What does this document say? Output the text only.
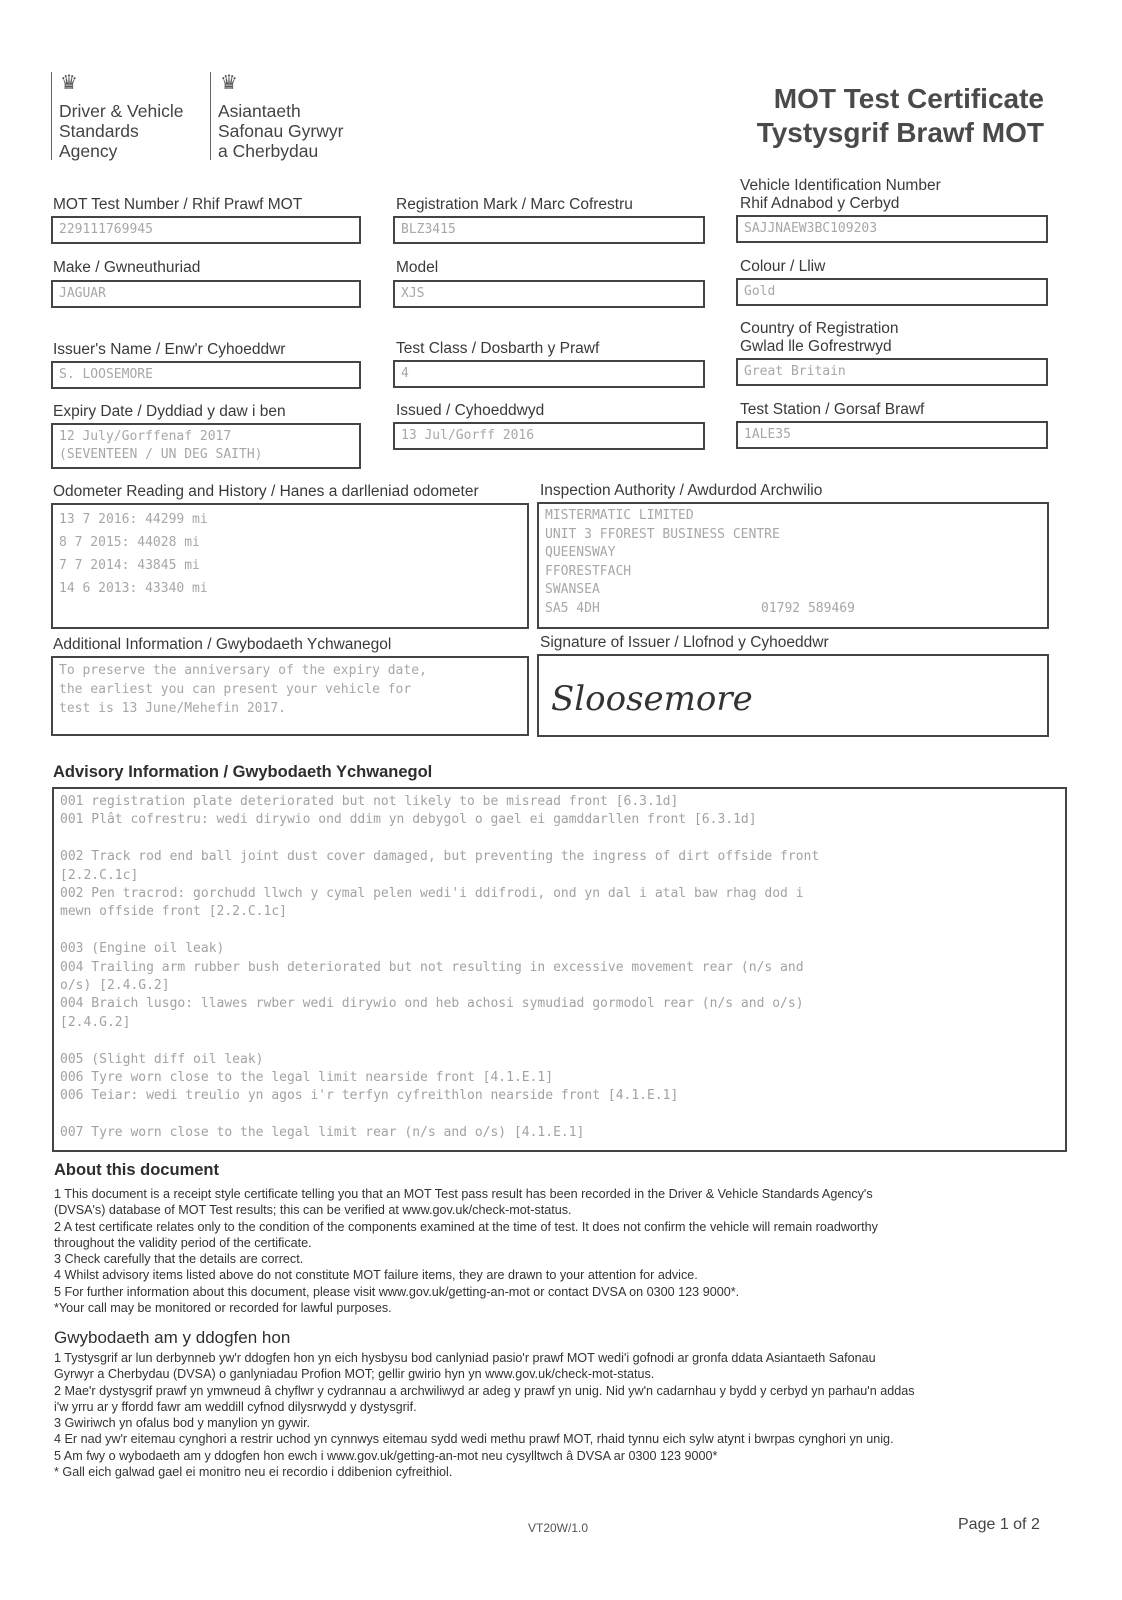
♛
Driver & Vehicle
Standards
Agency
♛
Asiantaeth
Safonau Gyrwyr
a Cherbydau
MOT Test Certificate
Tystysgrif Brawf MOT
MOT Test Number / Rhif Prawf MOT
229111769945
Registration Mark / Marc Cofrestru
BLZ3415
Vehicle Identification Number
Rhif Adnabod y Cerbyd
SAJJNAEW3BC109203
Make / Gwneuthuriad
JAGUAR
Model
XJS
Colour / Lliw
Gold
Issuer's Name / Enw'r Cyhoeddwr
S. LOOSEMORE
Test Class / Dosbarth y Prawf
4
Country of Registration
Gwlad lle Gofrestrwyd
Great Britain
Expiry Date / Dyddiad y daw i ben
12 July/Gorffenaf 2017
(SEVENTEEN / UN DEG SAITH)
Issued / Cyhoeddwyd
13 Jul/Gorff 2016
Test Station / Gorsaf Brawf
1ALE35
Odometer Reading and History / Hanes a darlleniad odometer
13 7 2016: 44299 mi
8 7 2015: 44028 mi
7 7 2014: 43845 mi
14 6 2013: 43340 mi
Inspection Authority / Awdurdod Archwilio
MISTERMATIC LIMITED
UNIT 3 FFOREST BUSINESS CENTRE
QUEENSWAY
FFORESTFACH
SWANSEA
SA5 4DH	01792 589469
Additional Information / Gwybodaeth Ychwanegol
To preserve the anniversary of the expiry date,
the earliest you can present your vehicle for
test is 13 June/Mehefin 2017.
Signature of Issuer / Llofnod y Cyhoeddwr

Sloosemore

Advisory Information / Gwybodaeth Ychwanegol
001 registration plate deteriorated but not likely to be misread front [6.3.1d]
001 Plât cofrestru: wedi dirywio ond ddim yn debygol o gael ei gamddarllen front [6.3.1d]
002 Track rod end ball joint dust cover damaged, but preventing the ingress of dirt offside front
[2.2.C.1c]
002 Pen tracrod: gorchudd llwch y cymal pelen wedi'i ddifrodi, ond yn dal i atal baw rhag dod i
mewn offside front [2.2.C.1c]
003 (Engine oil leak)
004 Trailing arm rubber bush deteriorated but not resulting in excessive movement rear (n/s and
o/s) [2.4.G.2]
004 Braich lusgo: llawes rwber wedi dirywio ond heb achosi symudiad gormodol rear (n/s and o/s)
[2.4.G.2]
005 (Slight diff oil leak)
006 Tyre worn close to the legal limit nearside front [4.1.E.1]
006 Teiar: wedi treulio yn agos i'r terfyn cyfreithlon nearside front [4.1.E.1]
007 Tyre worn close to the legal limit rear (n/s and o/s) [4.1.E.1]
About this document
1 This document is a receipt style certificate telling you that an MOT Test pass result has been recorded in the Driver & Vehicle Standards Agency's
(DVSA's) database of MOT Test results; this can be verified at www.gov.uk/check-mot-status.
2 A test certificate relates only to the condition of the components examined at the time of test. It does not confirm the vehicle will remain roadworthy
throughout the validity period of the certificate.
3 Check carefully that the details are correct.
4 Whilst advisory items listed above do not constitute MOT failure items, they are drawn to your attention for advice.
5 For further information about this document, please visit www.gov.uk/getting-an-mot or contact DVSA on 0300 123 9000*.
*Your call may be monitored or recorded for lawful purposes.
Gwybodaeth am y ddogfen hon
1 Tystysgrif ar lun derbynneb yw'r ddogfen hon yn eich hysbysu bod canlyniad pasio'r prawf MOT wedi'i gofnodi ar gronfa ddata Asiantaeth Safonau
Gyrwyr a Cherbydau (DVSA) o ganlyniadau Profion MOT; gellir gwirio hyn yn www.gov.uk/check-mot-status.
2 Mae'r dystysgrif prawf yn ymwneud â chyflwr y cydrannau a archwiliwyd ar adeg y prawf yn unig. Nid yw'n cadarnhau y bydd y cerbyd yn parhau'n addas
i'w yrru ar y ffordd fawr am weddill cyfnod dilysrwydd y dystysgrif.
3 Gwiriwch yn ofalus bod y manylion yn gywir.
4 Er nad yw'r eitemau cynghori a restrir uchod yn cynnwys eitemau sydd wedi methu prawf MOT, rhaid tynnu eich sylw atynt i bwrpas cynghori yn unig.
5 Am fwy o wybodaeth am y ddogfen hon ewch i www.gov.uk/getting-an-mot neu cysylltwch â DVSA ar 0300 123 9000*
* Gall eich galwad gael ei monitro neu ei recordio i ddibenion cyfreithiol.
VT20W/1.0	Page 1 of 2
